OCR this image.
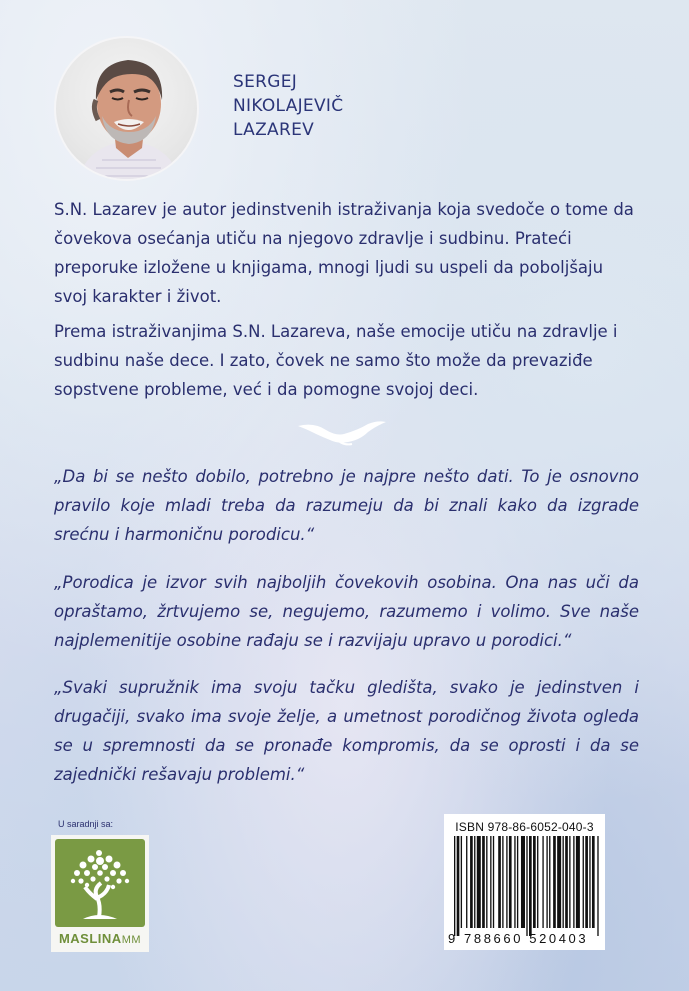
SERGEJ
NIKOLAJEVIČ
LAZAREV

S.N. Lazarev je autor jedinstvenih istraživanja koja svedoče o tome da čovekova osećanja utiču na njegovo zdravlje i sudbinu. Prateći preporuke izložene u knjigama, mnogi ljudi su uspeli da poboljšaju svoj karakter i život.

Prema istraživanjima S.N. Lazareva, naše emocije utiču na zdravlje i sudbinu naše dece. I zato, čovek ne samo što može da prevaziđe sopstvene probleme, već i da pomogne svojoj deci.

„Da bi se nešto dobilo, potrebno je najpre nešto dati. To je osnovno pravilo koje mladi treba da razumeju da bi znali kako da izgrade srećnu i harmoničnu porodicu.“

„Porodica je izvor svih najboljih čovekovih osobina. Ona nas uči da opraštamo, žrtvujemo se, negujemo, razumemo i volimo. Sve naše najplemenitije osobine rađaju se i razvijaju upravo u porodici.“

„Svaki supružnik ima svoju tačku gledišta, svako je jedinstven i drugačiji, svako ima svoje želje, a umetnost porodičnog života ogleda se u spremnosti da se pronađe kompromis, da se oprosti i da se zajednički rešavaju problemi.“

U saradnji sa:
MASLINAMM
ISBN 978-86-6052-040-3
9 788660 520403
